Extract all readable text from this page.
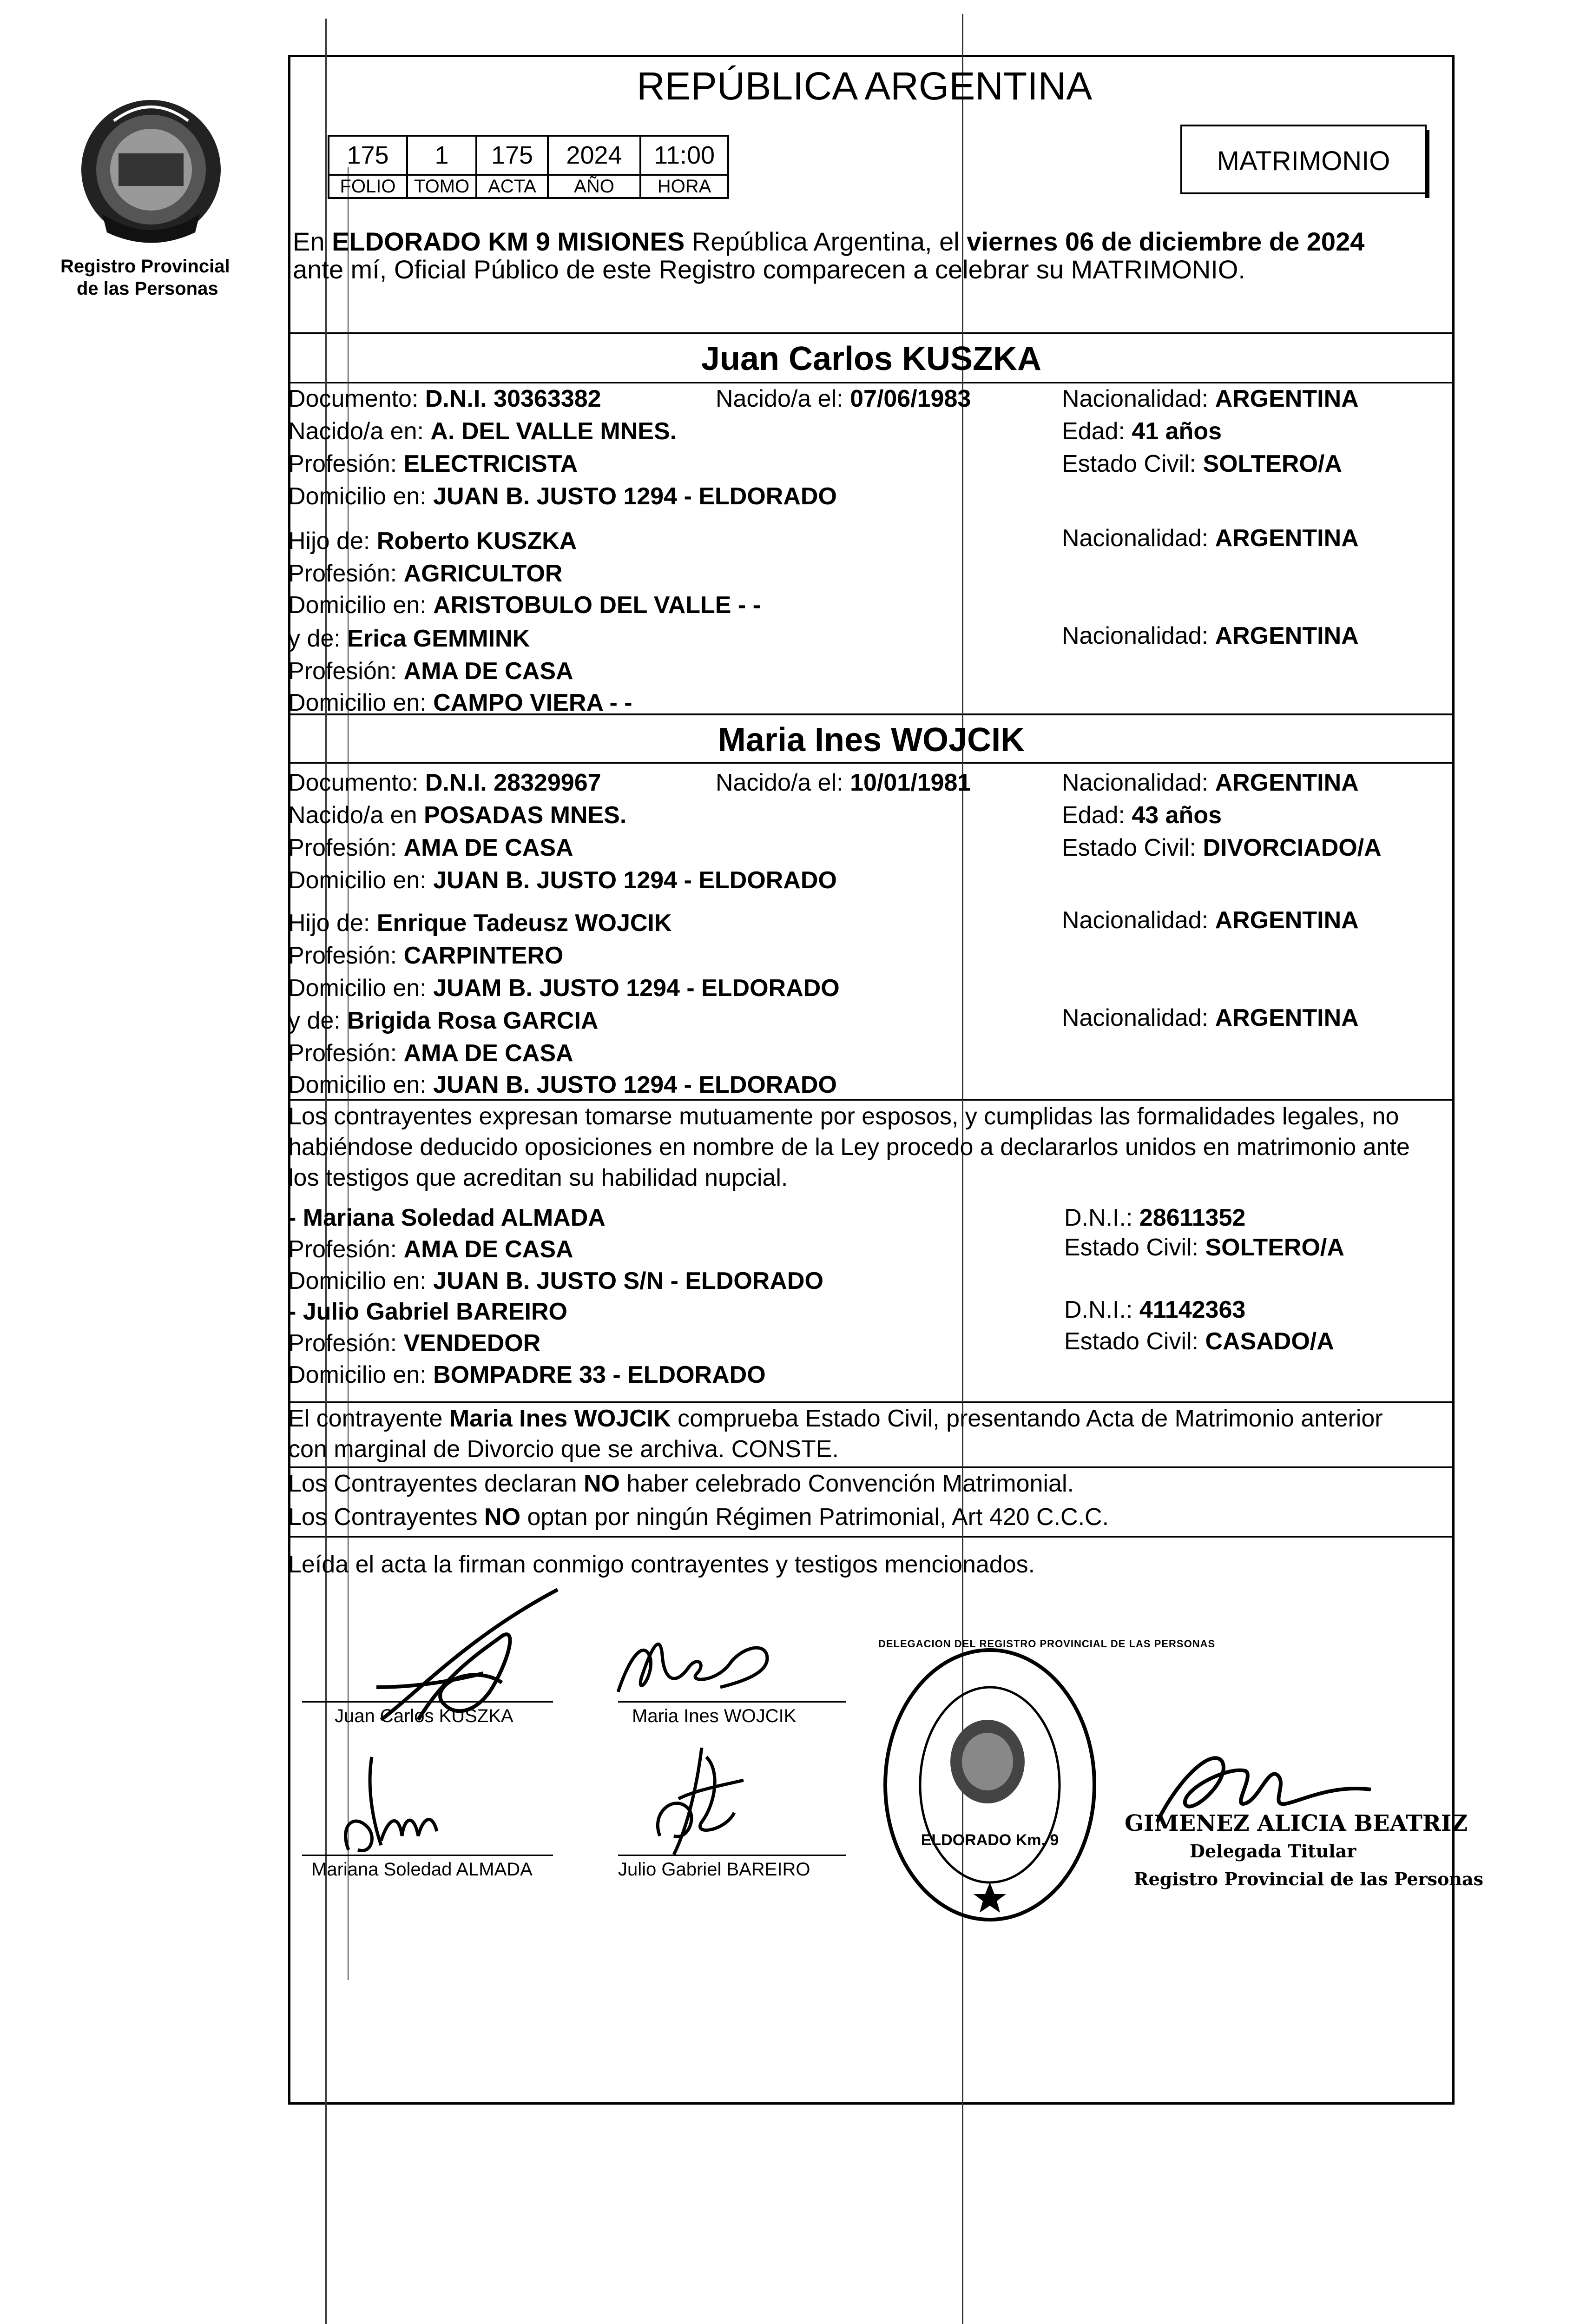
Registro Provincial
de las Personas
REPÚBLICA ARGENTINA
MATRIMONIO
175	1	175	2024	11:00
FOLIO	TOMO	ACTA	AÑO	HORA
En ELDORADO KM 9 MISIONES República Argentina, el viernes 06 de diciembre de 2024
ante mí, Oficial Público de este Registro comparecen a celebrar su MATRIMONIO.
Juan Carlos KUSZKA
Documento: D.N.I. 30363382	Nacido/a el: 07/06/1983	Nacionalidad: ARGENTINA
Nacido/a en: A. DEL VALLE MNES.	Edad: 41 años
Profesión: ELECTRICISTA	Estado Civil: SOLTERO/A
Domicilio en: JUAN B. JUSTO 1294 - ELDORADO
Hijo de: Roberto KUSZKA	Nacionalidad: ARGENTINA
Profesión: AGRICULTOR
Domicilio en: ARISTOBULO DEL VALLE - -
y de: Erica GEMMINK	Nacionalidad: ARGENTINA
Profesión: AMA DE CASA
Domicilio en: CAMPO VIERA - -
Maria Ines WOJCIK
Documento: D.N.I. 28329967	Nacido/a el: 10/01/1981	Nacionalidad: ARGENTINA
Nacido/a en POSADAS MNES.	Edad: 43 años
Profesión: AMA DE CASA	Estado Civil: DIVORCIADO/A
Domicilio en: JUAN B. JUSTO 1294 - ELDORADO
Hijo de: Enrique Tadeusz WOJCIK	Nacionalidad: ARGENTINA
Profesión: CARPINTERO
Domicilio en: JUAM B. JUSTO 1294 - ELDORADO
y de: Brigida Rosa GARCIA	Nacionalidad: ARGENTINA
Profesión: AMA DE CASA
Domicilio en: JUAN B. JUSTO 1294 - ELDORADO
Los contrayentes expresan tomarse mutuamente por esposos, y cumplidas las formalidades legales, no
habiéndose deducido oposiciones en nombre de la Ley procedo a declararlos unidos en matrimonio ante
los testigos que acreditan su habilidad nupcial.
- Mariana Soledad ALMADA	D.N.I.: 28611352
Profesión: AMA DE CASA	Estado Civil: SOLTERO/A
Domicilio en: JUAN B. JUSTO S/N - ELDORADO
- Julio Gabriel BAREIRO	D.N.I.: 41142363
Profesión: VENDEDOR	Estado Civil: CASADO/A
Domicilio en: BOMPADRE 33 - ELDORADO
El contrayente Maria Ines WOJCIK comprueba Estado Civil, presentando Acta de Matrimonio anterior
con marginal de Divorcio que se archiva. CONSTE.
Los Contrayentes declaran NO haber celebrado Convención Matrimonial.
Los Contrayentes NO optan por ningún Régimen Patrimonial, Art 420 C.C.C.
Leída el acta la firman conmigo contrayentes y testigos mencionados.
Juan Carlos KUSZKA	Maria Ines WOJCIK
Mariana Soledad ALMADA	Julio Gabriel BAREIRO
DELEGACION DEL REGISTRO PROVINCIAL DE LAS PERSONAS
ELDORADO Km. 9
GIMENEZ ALICIA BEATRIZ
Delegada Titular
Registro Provincial de las Personas
